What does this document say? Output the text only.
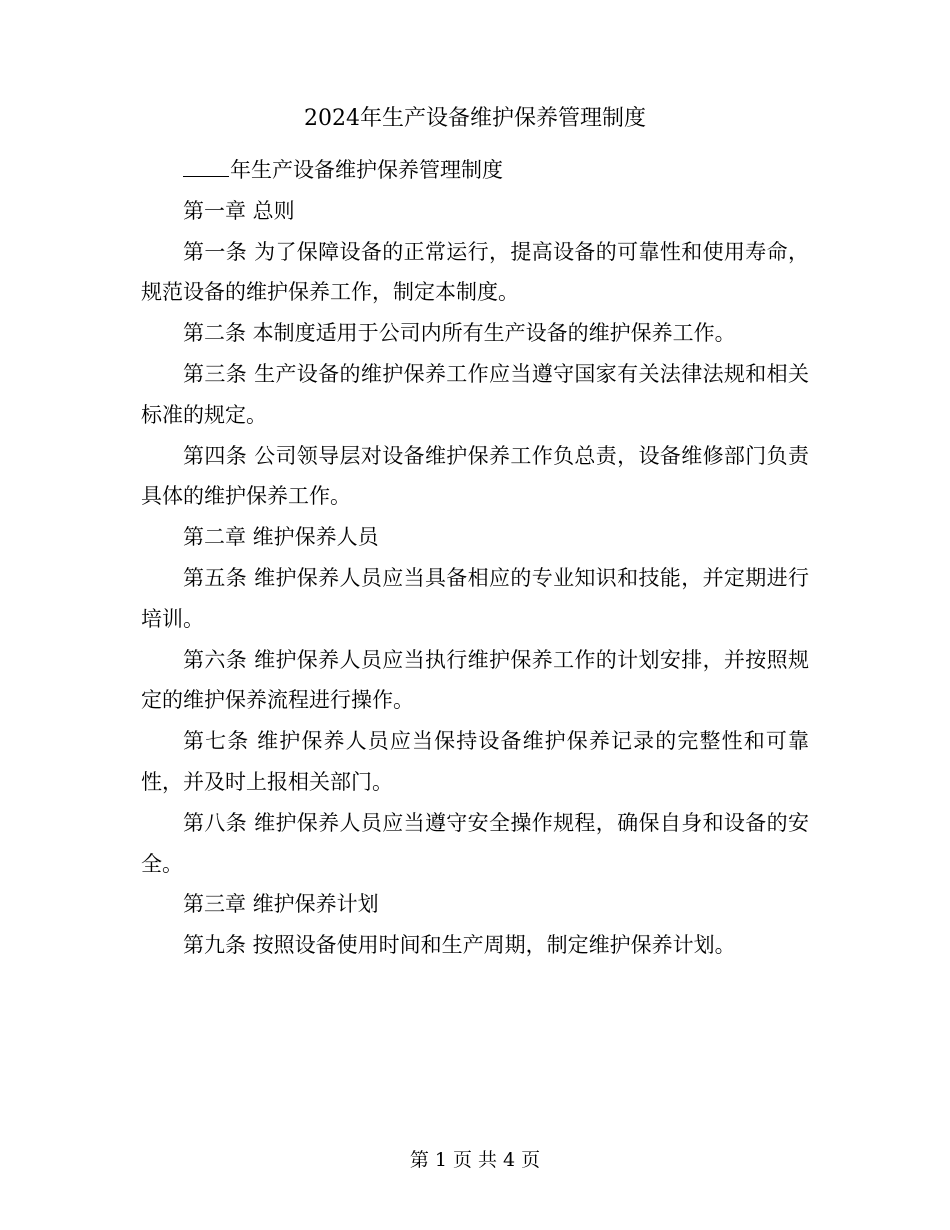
2024年生产设备维护保养管理制度

年生产设备维护保养管理制度

第一章 总则

第一条 为了保障设备的正常运行，提高设备的可靠性和使用寿命，规范设备的维护保养工作，制定本制度。

第二条 本制度适用于公司内所有生产设备的维护保养工作。

第三条 生产设备的维护保养工作应当遵守国家有关法律法规和相关标准的规定。

第四条 公司领导层对设备维护保养工作负总责，设备维修部门负责具体的维护保养工作。

第二章 维护保养人员

第五条 维护保养人员应当具备相应的专业知识和技能，并定期进行培训。

第六条 维护保养人员应当执行维护保养工作的计划安排，并按照规定的维护保养流程进行操作。

第七条 维护保养人员应当保持设备维护保养记录的完整性和可靠性，并及时上报相关部门。

第八条 维护保养人员应当遵守安全操作规程，确保自身和设备的安全。

第三章 维护保养计划

第九条 按照设备使用时间和生产周期，制定维护保养计划。

第 1 页 共 4 页
